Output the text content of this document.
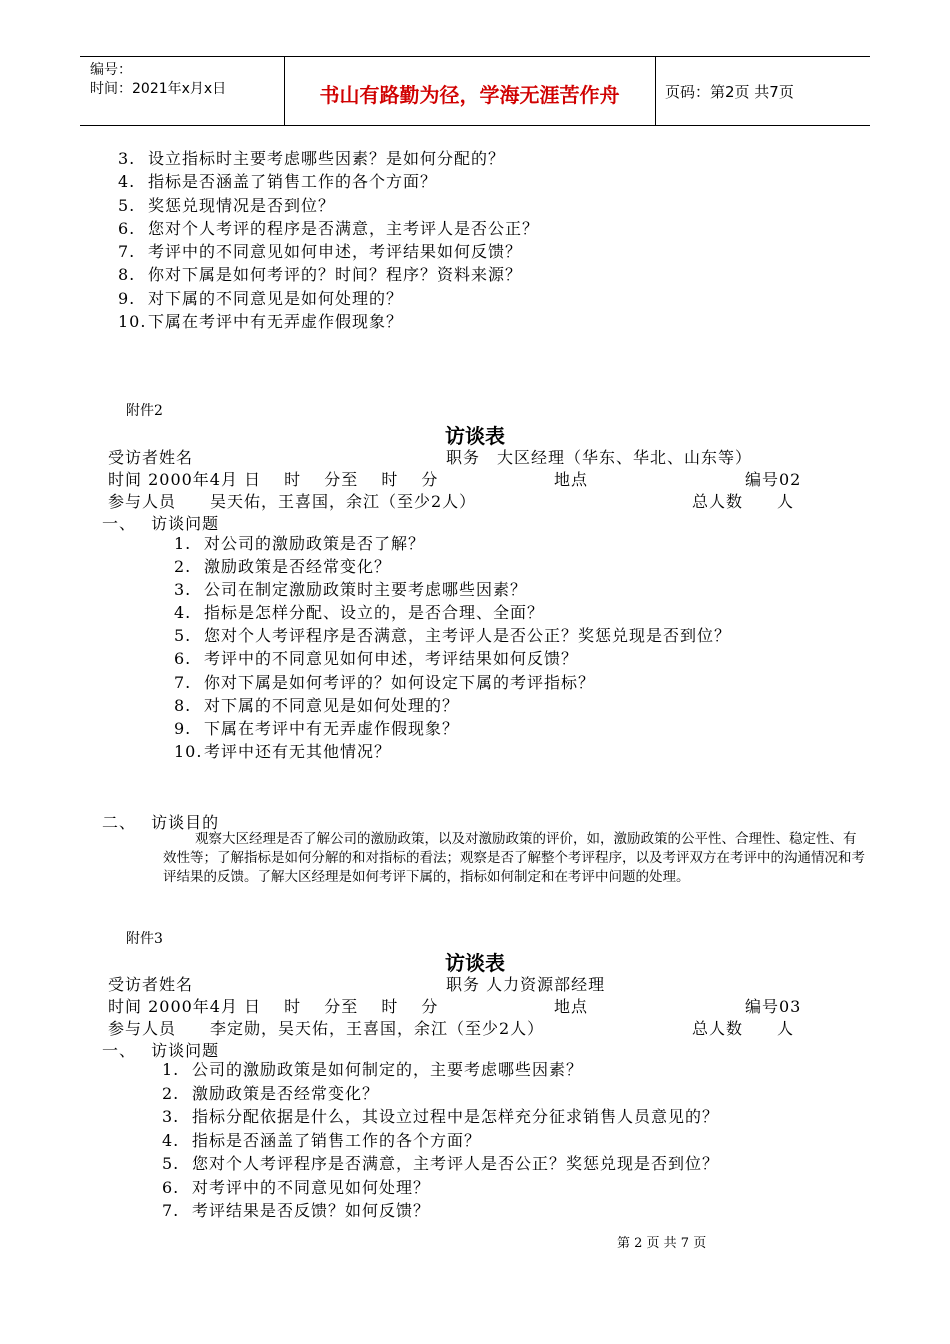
编号：
时间：2021年x月x日	书山有路勤为径，学海无涯苦作舟	页码：第2页 共7页
3. 设立指标时主要考虑哪些因素？是如何分配的？
4. 指标是否涵盖了销售工作的各个方面？
5. 奖惩兑现情况是否到位？
6. 您对个人考评的程序是否满意，主考评人是否公正？
7. 考评中的不同意见如何申述，考评结果如何反馈？
8. 你对下属是如何考评的？时间？程序？资料来源？
9. 对下属的不同意见是如何处理的？
10.下属在考评中有无弄虚作假现象？
附件2
访谈表
受访者姓名	职务　大区经理（华东、华北、山东等）
时间 2000年4月 日　 时 　分至 　时 　分	地点	编号02
参与人员　　吴天佑，王喜国，余江（至少2人）	总人数　　人
一、　 访谈问题
1. 对公司的激励政策是否了解？
2. 激励政策是否经常变化？
3. 公司在制定激励政策时主要考虑哪些因素？
4. 指标是怎样分配、设立的，是否合理、全面？
5. 您对个人考评程序是否满意，主考评人是否公正？奖惩兑现是否到位？
6. 考评中的不同意见如何申述，考评结果如何反馈？
7. 你对下属是如何考评的？如何设定下属的考评指标？
8. 对下属的不同意见是如何处理的？
9. 下属在考评中有无弄虚作假现象？
10.考评中还有无其他情况？
二、　 访谈目的
观察大区经理是否了解公司的激励政策，以及对激励政策的评价，如，激励政策的公平性、合理性、稳定性、有效性等；了解指标是如何分解的和对指标的看法；观察是否了解整个考评程序，以及考评双方在考评中的沟通情况和考评结果的反馈。了解大区经理是如何考评下属的，指标如何制定和在考评中问题的处理。
附件3
访谈表
受访者姓名	职务 人力资源部经理
时间 2000年4月 日　 时 　分至 　时 　分	地点	编号03
参与人员　　李定勋，吴天佑，王喜国，余江（至少2人）	总人数　　人
一、　 访谈问题
1. 公司的激励政策是如何制定的，主要考虑哪些因素？
2. 激励政策是否经常变化？
3. 指标分配依据是什么，其设立过程中是怎样充分征求销售人员意见的？
4. 指标是否涵盖了销售工作的各个方面？
5. 您对个人考评程序是否满意，主考评人是否公正？奖惩兑现是否到位？
6. 对考评中的不同意见如何处理？
7. 考评结果是否反馈？如何反馈？
第 2 页 共 7 页
